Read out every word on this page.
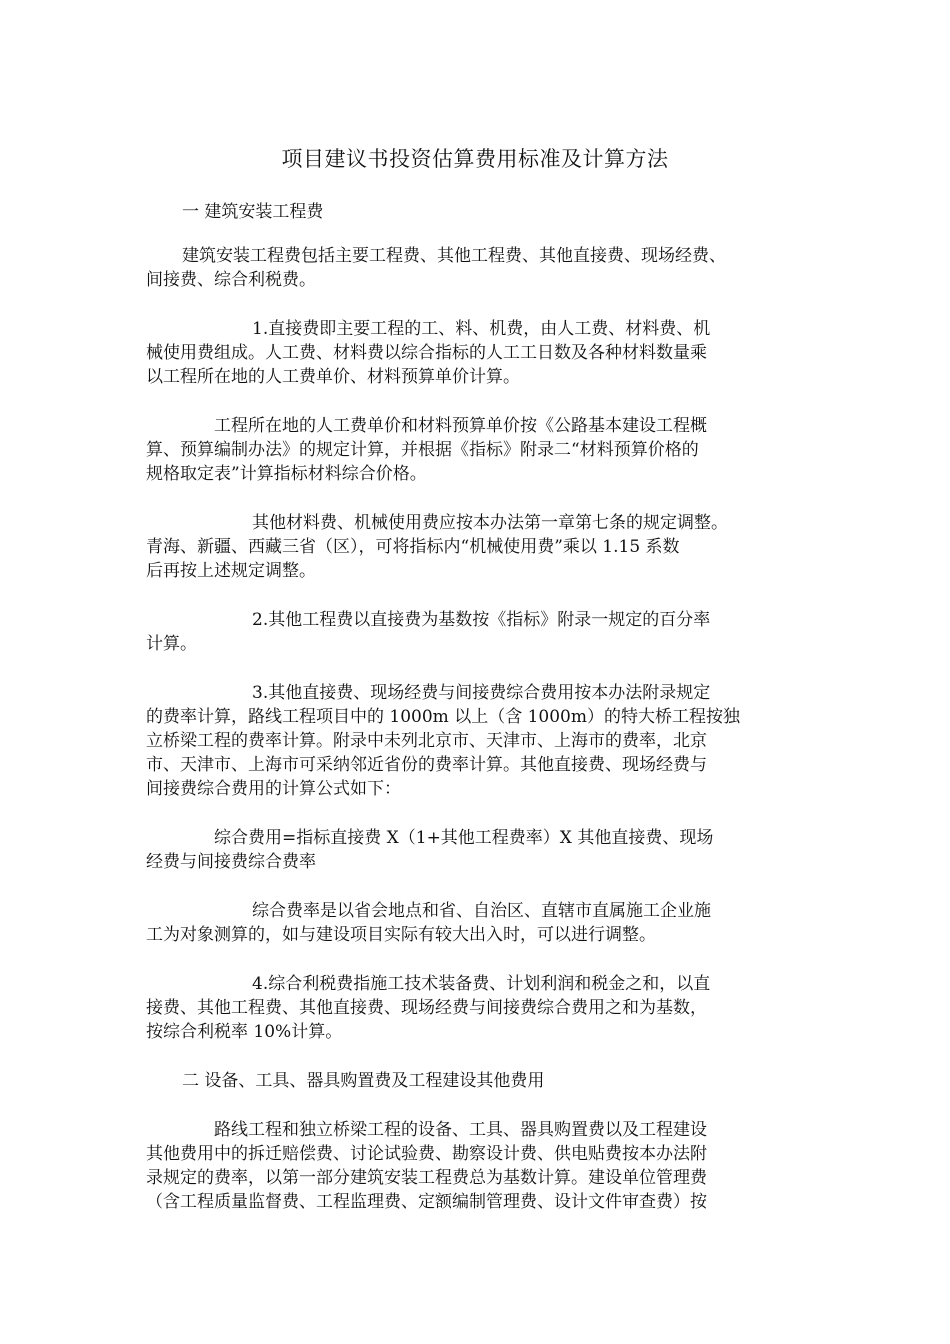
项目建议书投资估算费用标准及计算方法
一 建筑安装工程费
建筑安装工程费包括主要工程费、其他工程费、其他直接费、现场经费、
间接费、综合利税费。
1.直接费即主要工程的工、料、机费，由人工费、材料费、机
械使用费组成。人工费、材料费以综合指标的人工工日数及各种材料数量乘
以工程所在地的人工费单价、材料预算单价计算。
工程所在地的人工费单价和材料预算单价按《公路基本建设工程概
算、预算编制办法》的规定计算，并根据《指标》附录二“材料预算价格的
规格取定表”计算指标材料综合价格。
其他材料费、机械使用费应按本办法第一章第七条的规定调整。
青海、新疆、西藏三省（区），可将指标内“机械使用费”乘以 1.15 系数
后再按上述规定调整。
2.其他工程费以直接费为基数按《指标》附录一规定的百分率
计算。
3.其他直接费、现场经费与间接费综合费用按本办法附录规定
的费率计算，路线工程项目中的 1000m 以上（含 1000m）的特大桥工程按独
立桥梁工程的费率计算。附录中未列北京市、天津市、上海市的费率，北京
市、天津市、上海市可采纳邻近省份的费率计算。其他直接费、现场经费与
间接费综合费用的计算公式如下：
综合费用=指标直接费 X（1+其他工程费率）X 其他直接费、现场
经费与间接费综合费率
综合费率是以省会地点和省、自治区、直辖市直属施工企业施
工为对象测算的，如与建设项目实际有较大出入时，可以进行调整。
4.综合利税费指施工技术装备费、计划利润和税金之和，以直
接费、其他工程费、其他直接费、现场经费与间接费综合费用之和为基数，
按综合利税率 10%计算。
二 设备、工具、器具购置费及工程建设其他费用
路线工程和独立桥梁工程的设备、工具、器具购置费以及工程建设
其他费用中的拆迁赔偿费、讨论试验费、勘察设计费、供电贴费按本办法附
录规定的费率，以第一部分建筑安装工程费总为基数计算。建设单位管理费
（含工程质量监督费、工程监理费、定额编制管理费、设计文件审查费）按
